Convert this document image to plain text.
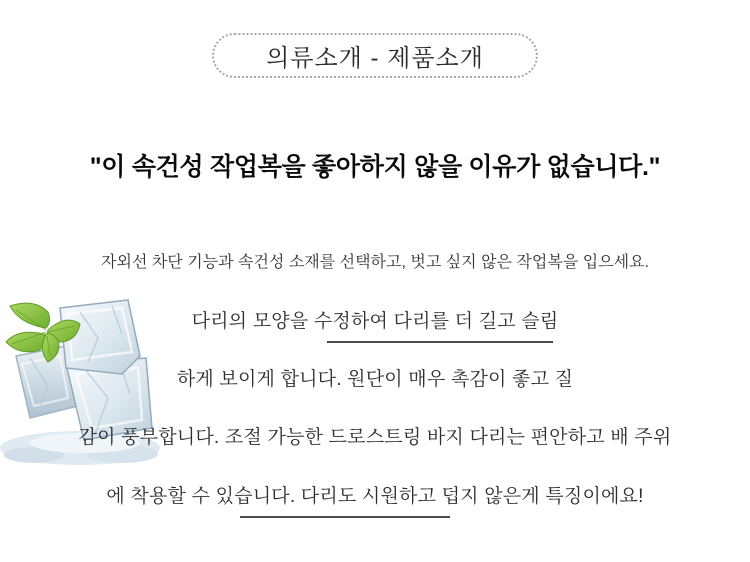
의류소개 - 제품소개
"이 속건성 작업복을 좋아하지 않을 이유가 없습니다."
자외선 차단 기능과 속건성 소재를 선택하고, 벗고 싶지 않은 작업복을 입으세요.
다리의 모양을 수정하여 다리를 더 길고 슬림
하게 보이게 합니다. 원단이 매우 촉감이 좋고 질
감이 풍부합니다. 조절 가능한 드로스트링 바지 다리는 편안하고 배 주위
에 착용할 수 있습니다. 다리도 시원하고 덥지 않은게 특징이에요!
